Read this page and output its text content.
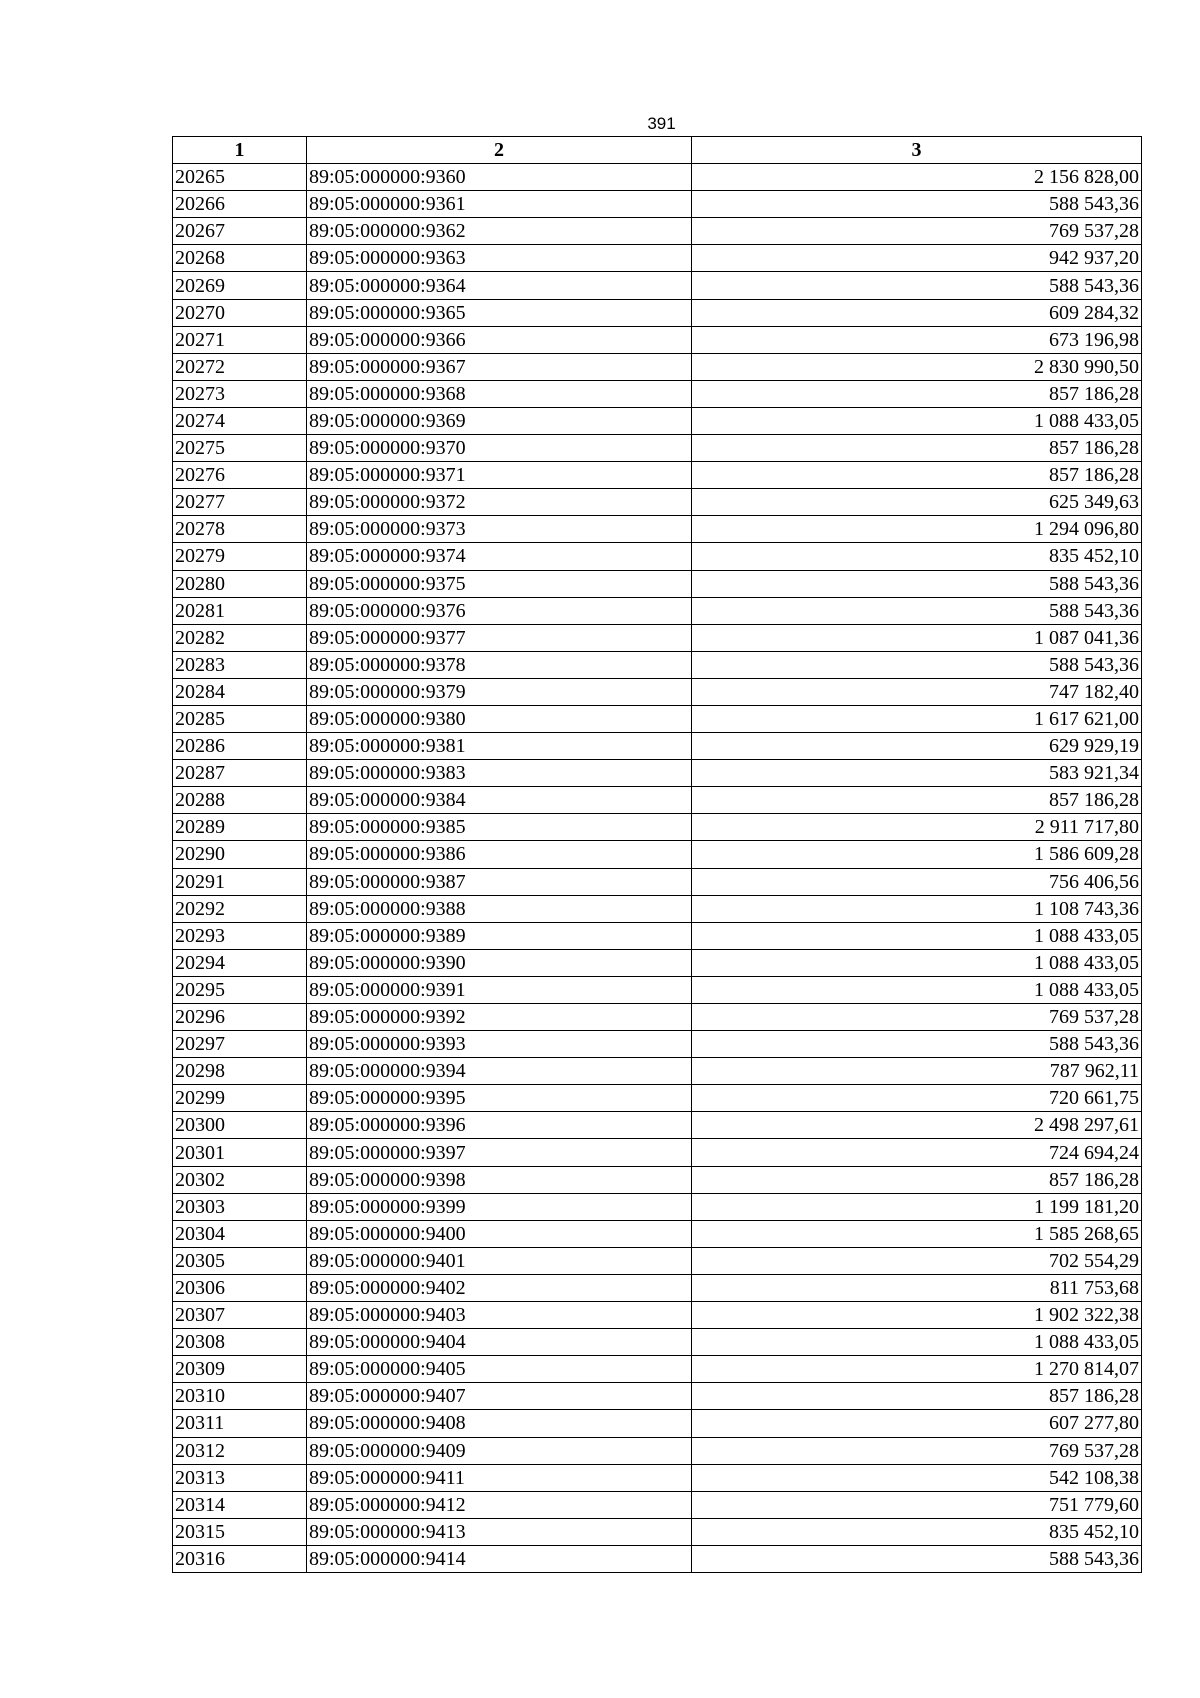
391
1	2	3
20265	89:05:000000:9360	2 156 828,00
20266	89:05:000000:9361	588 543,36
20267	89:05:000000:9362	769 537,28
20268	89:05:000000:9363	942 937,20
20269	89:05:000000:9364	588 543,36
20270	89:05:000000:9365	609 284,32
20271	89:05:000000:9366	673 196,98
20272	89:05:000000:9367	2 830 990,50
20273	89:05:000000:9368	857 186,28
20274	89:05:000000:9369	1 088 433,05
20275	89:05:000000:9370	857 186,28
20276	89:05:000000:9371	857 186,28
20277	89:05:000000:9372	625 349,63
20278	89:05:000000:9373	1 294 096,80
20279	89:05:000000:9374	835 452,10
20280	89:05:000000:9375	588 543,36
20281	89:05:000000:9376	588 543,36
20282	89:05:000000:9377	1 087 041,36
20283	89:05:000000:9378	588 543,36
20284	89:05:000000:9379	747 182,40
20285	89:05:000000:9380	1 617 621,00
20286	89:05:000000:9381	629 929,19
20287	89:05:000000:9383	583 921,34
20288	89:05:000000:9384	857 186,28
20289	89:05:000000:9385	2 911 717,80
20290	89:05:000000:9386	1 586 609,28
20291	89:05:000000:9387	756 406,56
20292	89:05:000000:9388	1 108 743,36
20293	89:05:000000:9389	1 088 433,05
20294	89:05:000000:9390	1 088 433,05
20295	89:05:000000:9391	1 088 433,05
20296	89:05:000000:9392	769 537,28
20297	89:05:000000:9393	588 543,36
20298	89:05:000000:9394	787 962,11
20299	89:05:000000:9395	720 661,75
20300	89:05:000000:9396	2 498 297,61
20301	89:05:000000:9397	724 694,24
20302	89:05:000000:9398	857 186,28
20303	89:05:000000:9399	1 199 181,20
20304	89:05:000000:9400	1 585 268,65
20305	89:05:000000:9401	702 554,29
20306	89:05:000000:9402	811 753,68
20307	89:05:000000:9403	1 902 322,38
20308	89:05:000000:9404	1 088 433,05
20309	89:05:000000:9405	1 270 814,07
20310	89:05:000000:9407	857 186,28
20311	89:05:000000:9408	607 277,80
20312	89:05:000000:9409	769 537,28
20313	89:05:000000:9411	542 108,38
20314	89:05:000000:9412	751 779,60
20315	89:05:000000:9413	835 452,10
20316	89:05:000000:9414	588 543,36
